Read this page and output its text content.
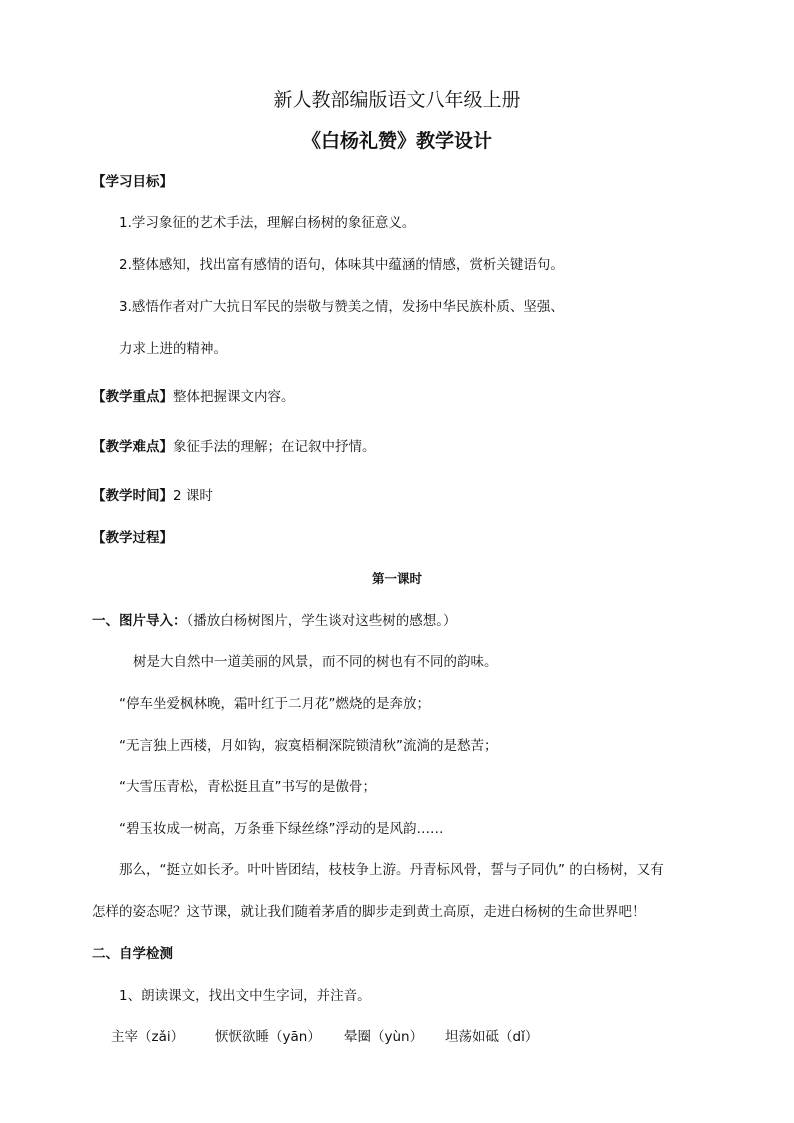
新人教部编版语文八年级上册
《白杨礼赞》教学设计
【学习目标】
1.学习象征的艺术手法，理解白杨树的象征意义。
2.整体感知，找出富有感情的语句，体味其中蕴涵的情感，赏析关键语句。
3.感悟作者对广大抗日军民的崇敬与赞美之情，发扬中华民族朴质、坚强、
力求上进的精神。
【教学重点】整体把握课文内容。
【教学难点】象征手法的理解；在记叙中抒情。
【教学时间】2 课时
【教学过程】
第一课时
一、图片导入：（播放白杨树图片，学生谈对这些树的感想。）
树是大自然中一道美丽的风景，而不同的树也有不同的韵味。
“停车坐爱枫林晚，霜叶红于二月花”燃烧的是奔放；
“无言独上西楼，月如钩，寂寞梧桐深院锁清秋”流淌的是愁苦；
“大雪压青松，青松挺且直”书写的是傲骨；
“碧玉妆成一树高，万条垂下绿丝绦”浮动的是风韵……
那么，“挺立如长矛。叶叶皆团结，枝枝争上游。丹青标风骨，誓与子同仇” 的白杨树，又有
怎样的姿态呢？这节课，就让我们随着茅盾的脚步走到黄土高原，走进白杨树的生命世界吧！
二、自学检测
1、朗读课文，找出文中生字词，并注音。
主宰（zǎi） 恹恹欲睡（yān） 晕圈（yùn） 坦荡如砥（dǐ）
